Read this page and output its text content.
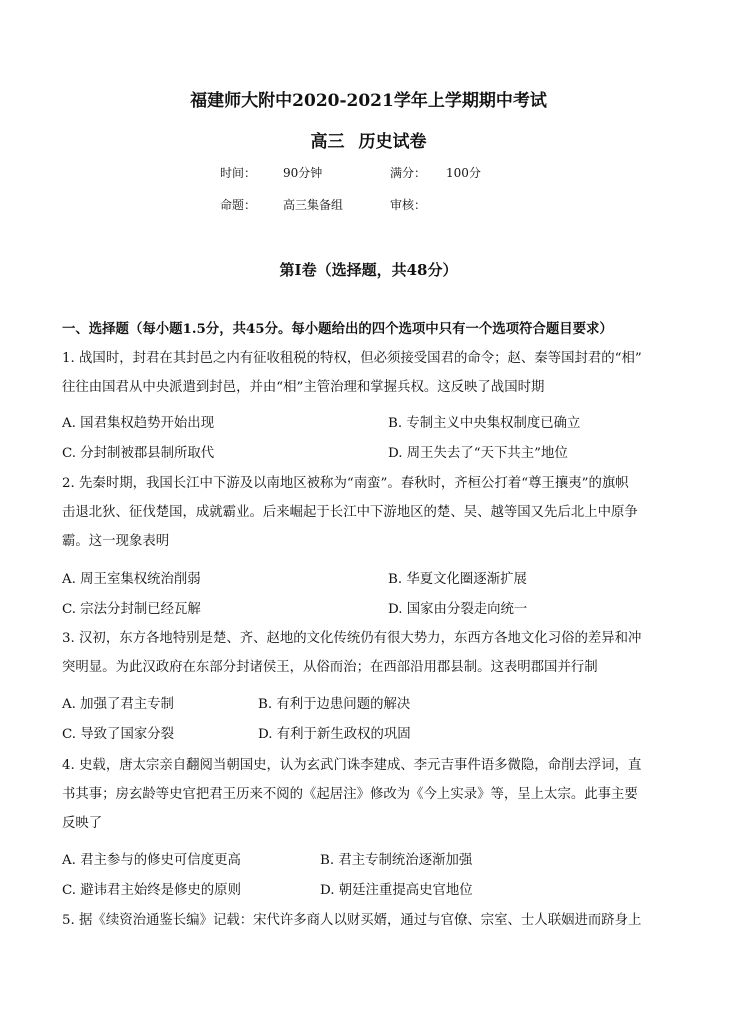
福建师大附中2020-2021学年上学期期中考试
高三 历史试卷
时间： 90分钟	满分： 100分
命题： 高三集备组	审核：
第Ⅰ卷（选择题，共48分）
一、选择题（每小题1.5分，共45分。每小题给出的四个选项中只有一个选项符合题目要求）
1. 战国时，封君在其封邑之内有征收租税的特权，但必须接受国君的命令；赵、秦等国封君的“相”
往往由国君从中央派遣到封邑，并由“相”主管治理和掌握兵权。这反映了战国时期
A. 国君集权趋势开始出现	B. 专制主义中央集权制度已确立
C. 分封制被郡县制所取代	D. 周王失去了“天下共主”地位
2. 先秦时期，我国长江中下游及以南地区被称为“南蛮”。春秋时，齐桓公打着“尊王攘夷”的旗帜
击退北狄、征伐楚国，成就霸业。后来崛起于长江中下游地区的楚、吴、越等国又先后北上中原争
霸。这一现象表明
A. 周王室集权统治削弱	B. 华夏文化圈逐渐扩展
C. 宗法分封制已经瓦解	D. 国家由分裂走向统一
3. 汉初，东方各地特别是楚、齐、赵地的文化传统仍有很大势力，东西方各地文化习俗的差异和冲
突明显。为此汉政府在东部分封诸侯王，从俗而治；在西部沿用郡县制。这表明郡国并行制
A. 加强了君主专制	B. 有利于边患问题的解决
C. 导致了国家分裂	D. 有利于新生政权的巩固
4. 史载，唐太宗亲自翻阅当朝国史，认为玄武门诛李建成、李元吉事件语多微隐，命削去浮词，直
书其事；房玄龄等史官把君王历来不阅的《起居注》修改为《今上实录》等，呈上太宗。此事主要
反映了
A. 君主参与的修史可信度更高	B. 君主专制统治逐渐加强
C. 避讳君主始终是修史的原则	D. 朝廷注重提高史官地位
5. 据《续资治通鉴长编》记载：宋代许多商人以财买婿，通过与官僚、宗室、士人联姻进而跻身上
